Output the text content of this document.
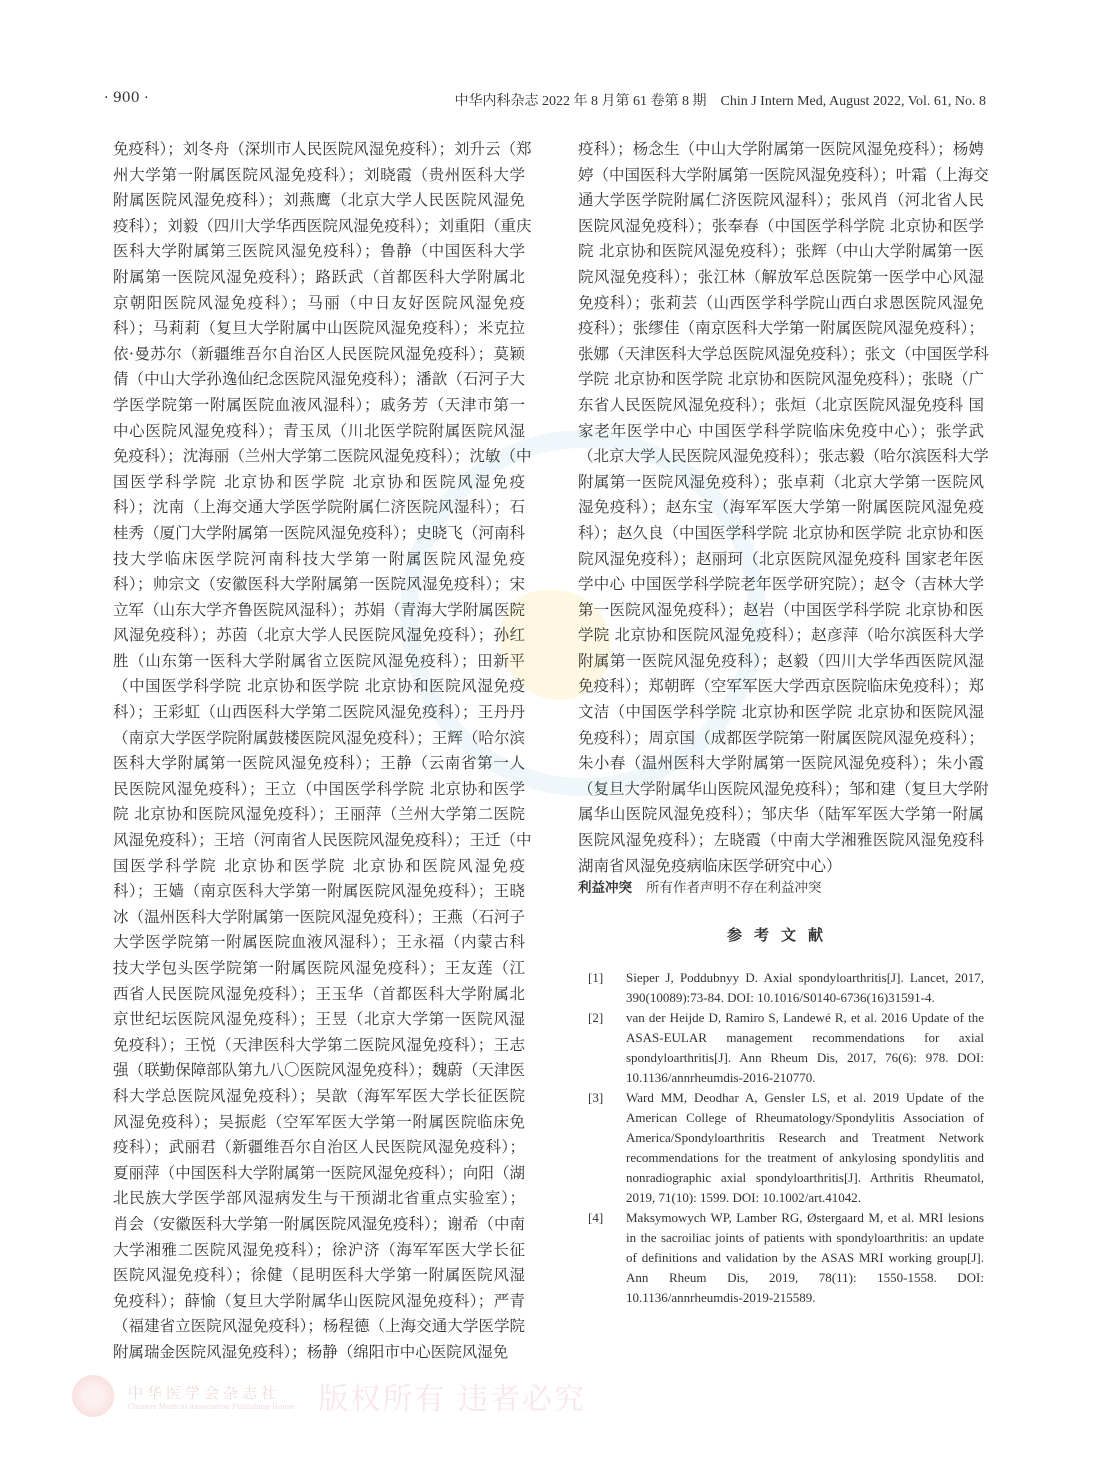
· 900 ·	中华内科杂志 2022 年 8 月第 61 卷第 8 期　Chin J Intern Med, August 2022, Vol. 61, No. 8
免疫科）；刘冬舟（深圳市人民医院风湿免疫科）；刘升云（郑
州大学第一附属医院风湿免疫科）；刘晓霞（贵州医科大学
附属医院风湿免疫科）；刘燕鹰（北京大学人民医院风湿免
疫科）；刘毅（四川大学华西医院风湿免疫科）；刘重阳（重庆
医科大学附属第三医院风湿免疫科）；鲁静（中国医科大学
附属第一医院风湿免疫科）；路跃武（首都医科大学附属北
京朝阳医院风湿免疫科）；马丽（中日友好医院风湿免疫
科）；马莉莉（复旦大学附属中山医院风湿免疫科）；米克拉
依·曼苏尔（新疆维吾尔自治区人民医院风湿免疫科）；莫颖
倩（中山大学孙逸仙纪念医院风湿免疫科）；潘歆（石河子大
学医学院第一附属医院血液风湿科）；戚务芳（天津市第一
中心医院风湿免疫科）；青玉凤（川北医学院附属医院风湿
免疫科）；沈海丽（兰州大学第二医院风湿免疫科）；沈敏（中
国医学科学院 北京协和医学院 北京协和医院风湿免疫
科）；沈南（上海交通大学医学院附属仁济医院风湿科）；石
桂秀（厦门大学附属第一医院风湿免疫科）；史晓飞（河南科
技大学临床医学院河南科技大学第一附属医院风湿免疫
科）；帅宗文（安徽医科大学附属第一医院风湿免疫科）；宋
立军（山东大学齐鲁医院风湿科）；苏娟（青海大学附属医院
风湿免疫科）；苏茵（北京大学人民医院风湿免疫科）；孙红
胜（山东第一医科大学附属省立医院风湿免疫科）；田新平
（中国医学科学院 北京协和医学院 北京协和医院风湿免疫
科）；王彩虹（山西医科大学第二医院风湿免疫科）；王丹丹
（南京大学医学院附属鼓楼医院风湿免疫科）；王辉（哈尔滨
医科大学附属第一医院风湿免疫科）；王静（云南省第一人
民医院风湿免疫科）；王立（中国医学科学院 北京协和医学
院 北京协和医院风湿免疫科）；王丽萍（兰州大学第二医院
风湿免疫科）；王培（河南省人民医院风湿免疫科）；王迁（中
国医学科学院 北京协和医学院 北京协和医院风湿免疫
科）；王嫱（南京医科大学第一附属医院风湿免疫科）；王晓
冰（温州医科大学附属第一医院风湿免疫科）；王燕（石河子
大学医学院第一附属医院血液风湿科）；王永福（内蒙古科
技大学包头医学院第一附属医院风湿免疫科）；王友莲（江
西省人民医院风湿免疫科）；王玉华（首都医科大学附属北
京世纪坛医院风湿免疫科）；王昱（北京大学第一医院风湿
免疫科）；王悦（天津医科大学第二医院风湿免疫科）；王志
强（联勤保障部队第九八〇医院风湿免疫科）；魏蔚（天津医
科大学总医院风湿免疫科）；吴歆（海军军医大学长征医院
风湿免疫科）；吴振彪（空军军医大学第一附属医院临床免
疫科）；武丽君（新疆维吾尔自治区人民医院风湿免疫科）；
夏丽萍（中国医科大学附属第一医院风湿免疫科）；向阳（湖
北民族大学医学部风湿病发生与干预湖北省重点实验室）；
肖会（安徽医科大学第一附属医院风湿免疫科）；谢希（中南
大学湘雅二医院风湿免疫科）；徐沪济（海军军医大学长征
医院风湿免疫科）；徐健（昆明医科大学第一附属医院风湿
免疫科）；薛愉（复旦大学附属华山医院风湿免疫科）；严青
（福建省立医院风湿免疫科）；杨程德（上海交通大学医学院
附属瑞金医院风湿免疫科）；杨静（绵阳市中心医院风湿免
疫科）；杨念生（中山大学附属第一医院风湿免疫科）；杨娉
婷（中国医科大学附属第一医院风湿免疫科）；叶霜（上海交
通大学医学院附属仁济医院风湿科）；张风肖（河北省人民
医院风湿免疫科）；张奉春（中国医学科学院 北京协和医学
院 北京协和医院风湿免疫科）；张辉（中山大学附属第一医
院风湿免疫科）；张江林（解放军总医院第一医学中心风湿
免疫科）；张莉芸（山西医学科学院山西白求恩医院风湿免
疫科）；张缪佳（南京医科大学第一附属医院风湿免疫科）；
张娜（天津医科大学总医院风湿免疫科）；张文（中国医学科
学院 北京协和医学院 北京协和医院风湿免疫科）；张晓（广
东省人民医院风湿免疫科）；张烜（北京医院风湿免疫科 国
家老年医学中心 中国医学科学院临床免疫中心）；张学武
（北京大学人民医院风湿免疫科）；张志毅（哈尔滨医科大学
附属第一医院风湿免疫科）；张卓莉（北京大学第一医院风
湿免疫科）；赵东宝（海军军医大学第一附属医院风湿免疫
科）；赵久良（中国医学科学院 北京协和医学院 北京协和医
院风湿免疫科）；赵丽珂（北京医院风湿免疫科 国家老年医
学中心 中国医学科学院老年医学研究院）；赵令（吉林大学
第一医院风湿免疫科）；赵岩（中国医学科学院 北京协和医
学院 北京协和医院风湿免疫科）；赵彦萍（哈尔滨医科大学
附属第一医院风湿免疫科）；赵毅（四川大学华西医院风湿
免疫科）；郑朝晖（空军军医大学西京医院临床免疫科）；郑
文洁（中国医学科学院 北京协和医学院 北京协和医院风湿
免疫科）；周京国（成都医学院第一附属医院风湿免疫科）；
朱小春（温州医科大学附属第一医院风湿免疫科）；朱小霞
（复旦大学附属华山医院风湿免疫科）；邹和建（复旦大学附
属华山医院风湿免疫科）；邹庆华（陆军军医大学第一附属
医院风湿免疫科）；左晓霞（中南大学湘雅医院风湿免疫科
湖南省风湿免疫病临床医学研究中心）
利益冲突 所有作者声明不存在利益冲突
参考文献
[1]	Sieper J, Poddubnyy D. Axial spondyloarthritis[J]. Lancet, 2017, 390(10089):73-84. DOI: 10.1016/S0140-6736(16)31591-4.
[2]	van der Heijde D, Ramiro S, Landewé R, et al. 2016 Update of the ASAS-EULAR management recommendations for axial spondyloarthritis[J]. Ann Rheum Dis, 2017, 76(6): 978. DOI: 10.1136/annrheumdis-2016-210770.
[3]	Ward MM, Deodhar A, Gensler LS, et al. 2019 Update of the American College of Rheumatology/Spondylitis Association of America/Spondyloarthritis Research and Treatment Network recommendations for the treatment of ankylosing spondylitis and nonradiographic axial spondyloarthritis[J]. Arthritis Rheumatol, 2019, 71(10): 1599. DOI: 10.1002/art.41042.
[4]	Maksymowych WP, Lamber RG, Østergaard M, et al. MRI lesions in the sacroiliac joints of patients with spondyloarthritis: an update of definitions and validation by the ASAS MRI working group[J]. Ann Rheum Dis, 2019, 78(11): 1550-1558. DOI: 10.1136/annrheumdis-2019-215589.
中华医学会杂志社
Chinese Medical Association Publishing House 版权所有 违者必究
